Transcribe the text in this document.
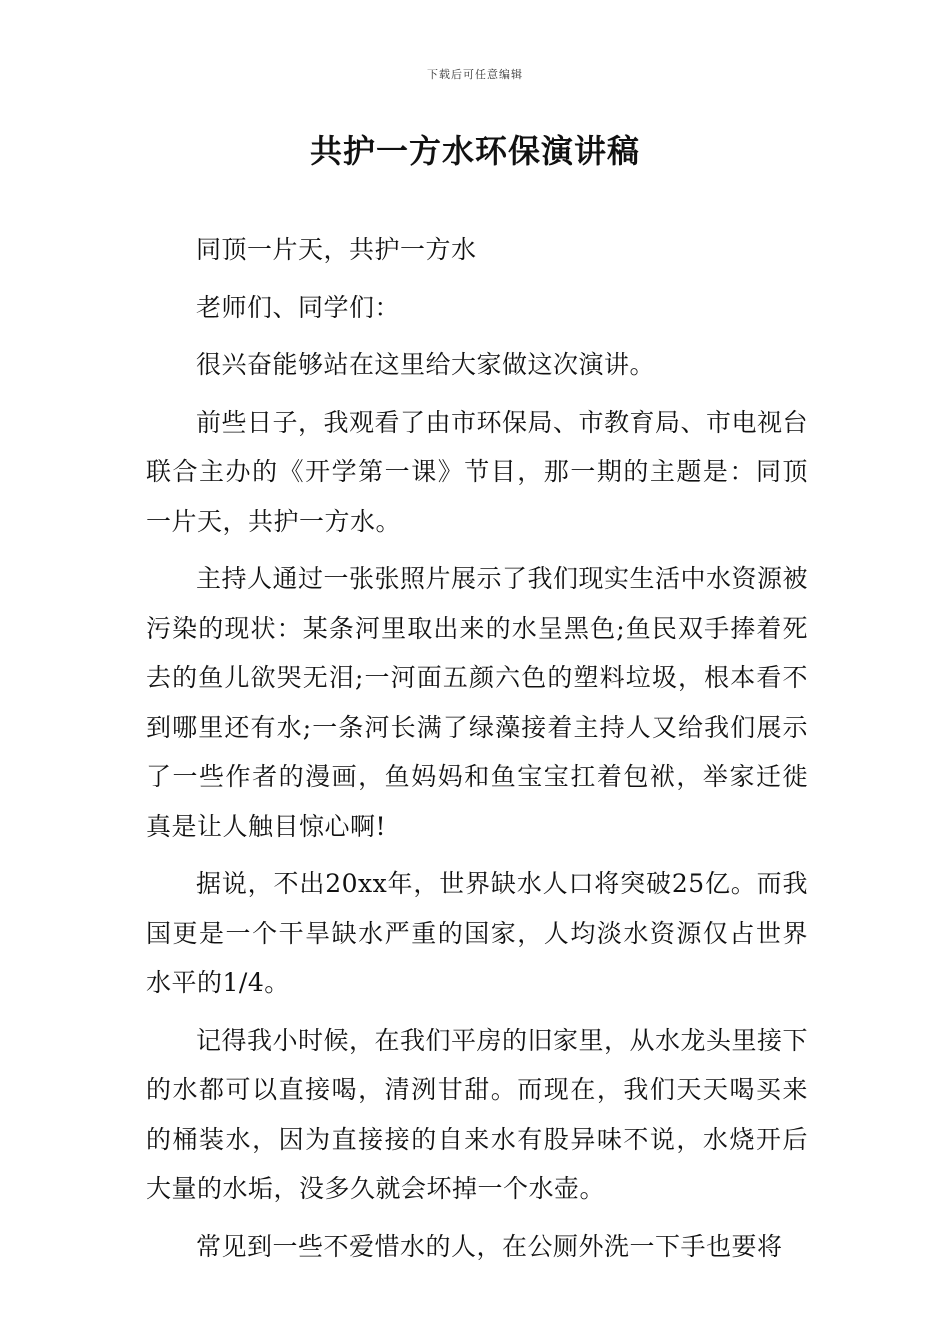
下载后可任意编辑
共护一方水环保演讲稿

同顶一片天，共护一方水

老师们、同学们：

很兴奋能够站在这里给大家做这次演讲。

前些日子，我观看了由市环保局、市教育局、市电视台联合主办的《开学第一课》节目，那一期的主题是：同顶一片天，共护一方水。

主持人通过一张张照片展示了我们现实生活中水资源被污染的现状：某条河里取出来的水呈黑色;鱼民双手捧着死去的鱼儿欲哭无泪;一河面五颜六色的塑料垃圾，根本看不到哪里还有水;一条河长满了绿藻接着主持人又给我们展示了一些作者的漫画，鱼妈妈和鱼宝宝扛着包袱，举家迁徙真是让人触目惊心啊!

据说，不出20xx年，世界缺水人口将突破25亿。而我国更是一个干旱缺水严重的国家，人均淡水资源仅占世界水平的1/4。

记得我小时候，在我们平房的旧家里，从水龙头里接下的水都可以直接喝，清洌甘甜。而现在，我们天天喝买来的桶装水，因为直接接的自来水有股异味不说，水烧开后大量的水垢，没多久就会坏掉一个水壶。

常见到一些不爱惜水的人，在公厕外洗一下手也要将
